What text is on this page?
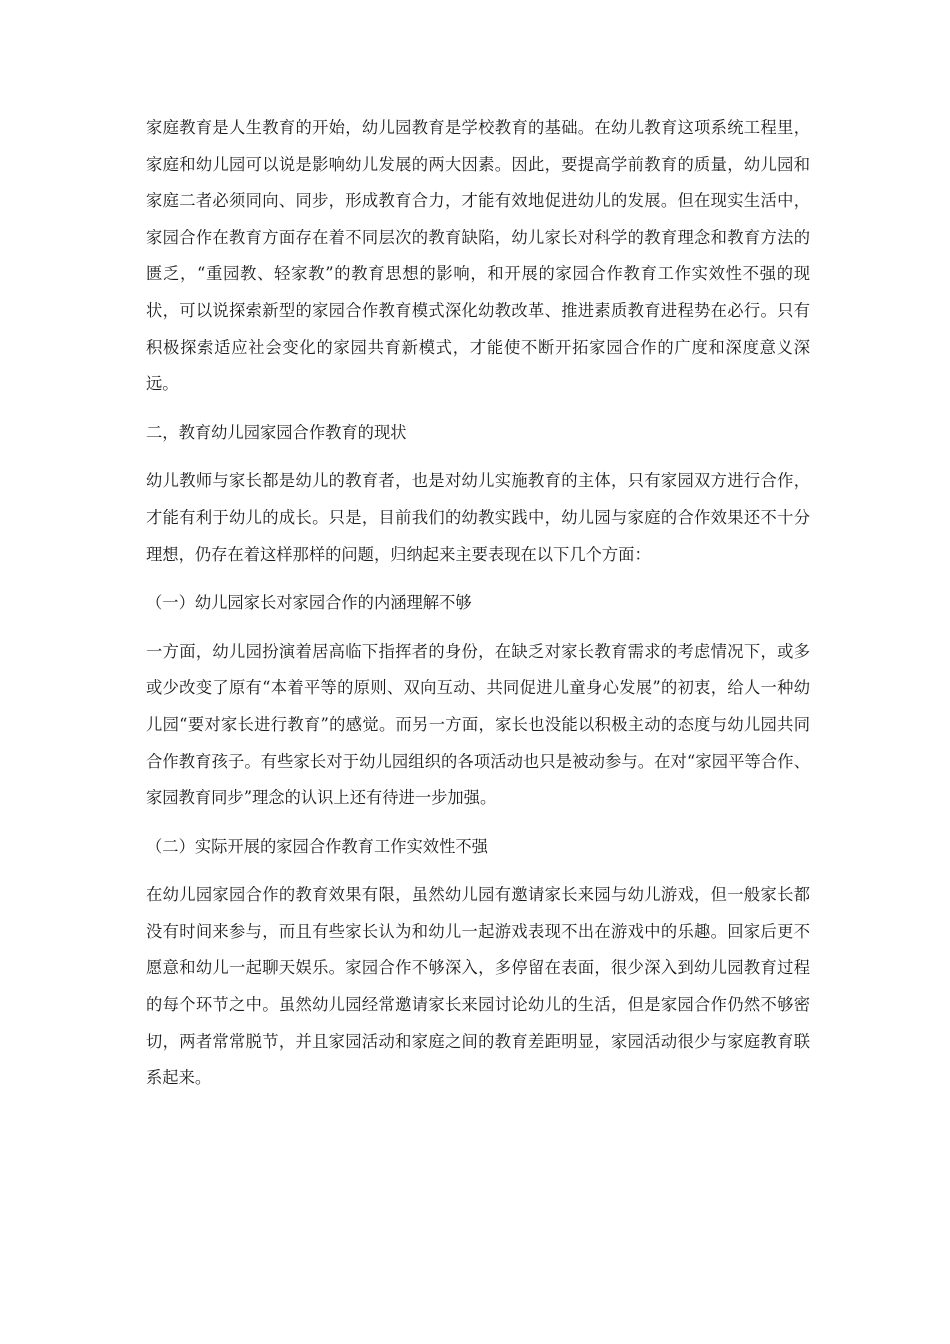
家庭教育是人生教育的开始，幼儿园教育是学校教育的基础。在幼儿教育这项系统工程里，家庭和幼儿园可以说是影响幼儿发展的两大因素。因此，要提高学前教育的质量，幼儿园和家庭二者必须同向、同步，形成教育合力，才能有效地促进幼儿的发展。但在现实生活中，家园合作在教育方面存在着不同层次的教育缺陷，幼儿家长对科学的教育理念和教育方法的匮乏，“重园教、轻家教”的教育思想的影响，和开展的家园合作教育工作实效性不强的现状，可以说探索新型的家园合作教育模式深化幼教改革、推进素质教育进程势在必行。只有积极探索适应社会变化的家园共育新模式，才能使不断开拓家园合作的广度和深度意义深远。

二，教育幼儿园家园合作教育的现状

幼儿教师与家长都是幼儿的教育者，也是对幼儿实施教育的主体，只有家园双方进行合作，才能有利于幼儿的成长。只是，目前我们的幼教实践中，幼儿园与家庭的合作效果还不十分理想，仍存在着这样那样的问题，归纳起来主要表现在以下几个方面：

（一）幼儿园家长对家园合作的内涵理解不够

一方面，幼儿园扮演着居高临下指挥者的身份，在缺乏对家长教育需求的考虑情况下，或多或少改变了原有“本着平等的原则、双向互动、共同促进儿童身心发展”的初衷，给人一种幼儿园“要对家长进行教育”的感觉。而另一方面，家长也没能以积极主动的态度与幼儿园共同合作教育孩子。有些家长对于幼儿园组织的各项活动也只是被动参与。在对“家园平等合作、家园教育同步”理念的认识上还有待进一步加强。

（二）实际开展的家园合作教育工作实效性不强

在幼儿园家园合作的教育效果有限，虽然幼儿园有邀请家长来园与幼儿游戏，但一般家长都没有时间来参与，而且有些家长认为和幼儿一起游戏表现不出在游戏中的乐趣。回家后更不愿意和幼儿一起聊天娱乐。家园合作不够深入，多停留在表面，很少深入到幼儿园教育过程的每个环节之中。虽然幼儿园经常邀请家长来园讨论幼儿的生活，但是家园合作仍然不够密切，两者常常脱节，并且家园活动和家庭之间的教育差距明显，家园活动很少与家庭教育联系起来。
